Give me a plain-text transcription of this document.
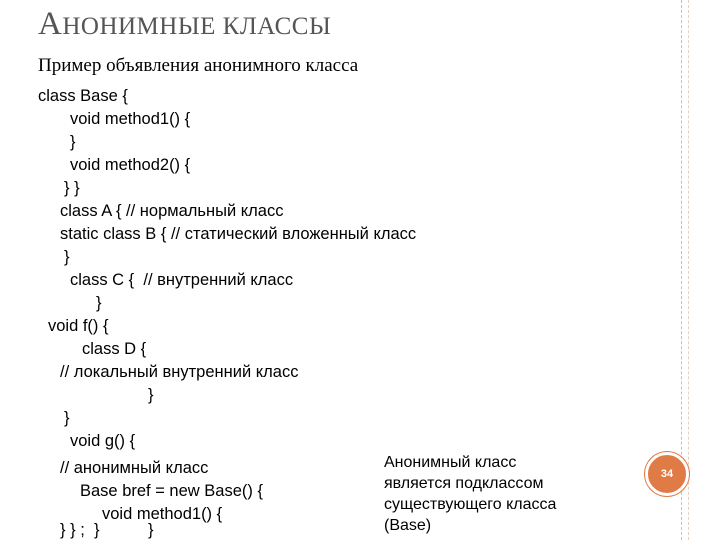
АНОНИМНЫЕ КЛАССЫ
Пример объявления анонимного класса
class Base {
void method1() {
}
void method2() {
} }
class A { // нормальный класс
static class B { // статический вложенный класс
}
class C {  // внутренний класс
}
void f() {
class D {
// локальный внутренний класс
}
}
void g() {
// анонимный класс
Base bref = new Base() {
void method1() {
} } ;  }	}
Анонимный класс
является подклассом
существующего класса
(Base)
34
